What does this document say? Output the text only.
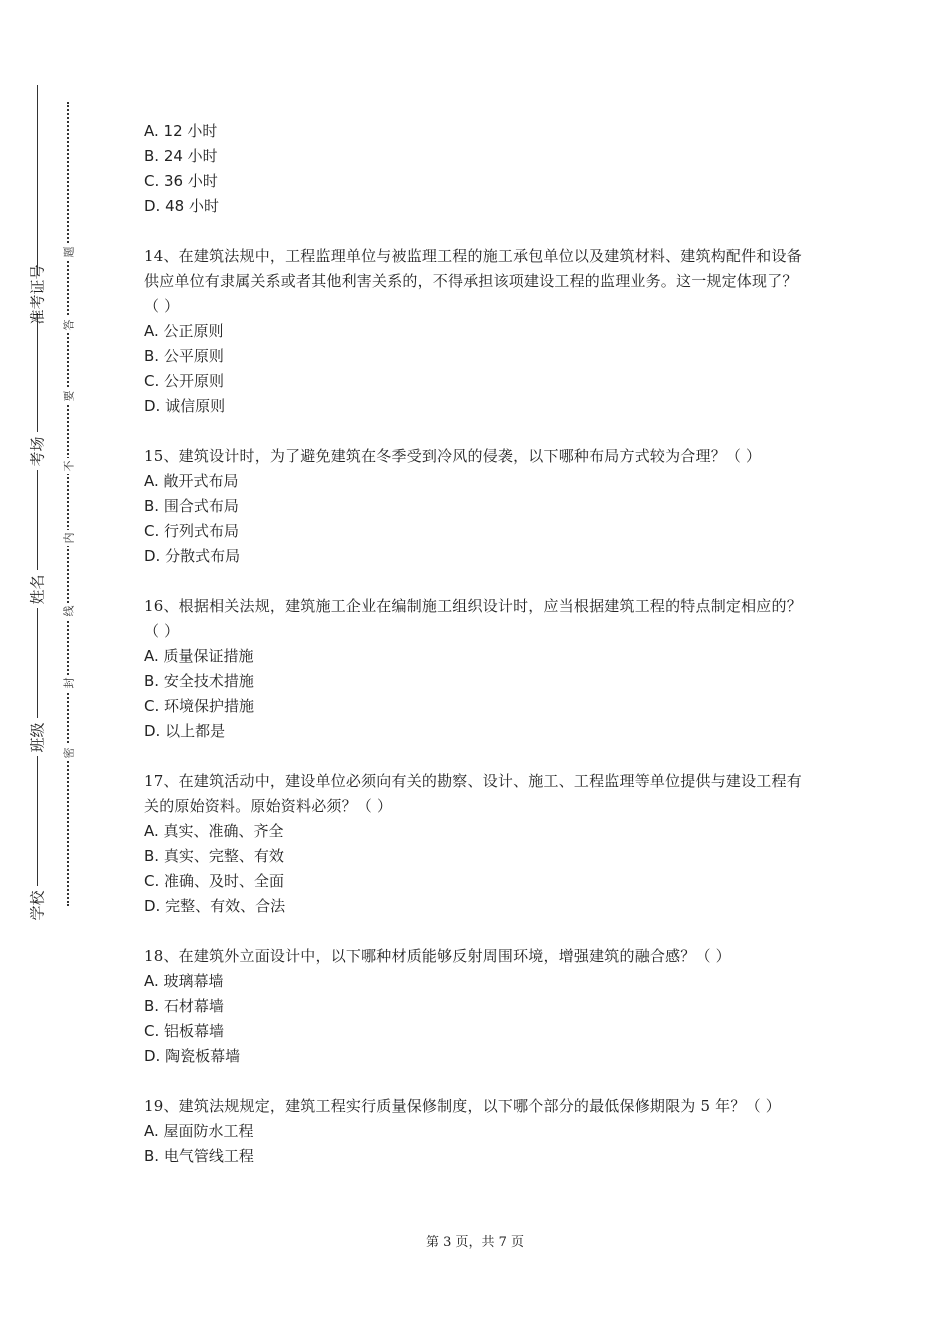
准考证号
考场
姓名
班级
学校
题
答
要
不
内
线
封
密
A. 12 小时
B. 24 小时
C. 36 小时
D. 48 小时
14、在建筑法规中，工程监理单位与被监理工程的施工承包单位以及建筑材料、建筑构配件和设备供应单位有隶属关系或者其他利害关系的，不得承担该项建设工程的监理业务。这一规定体现了？（ ）
A. 公正原则
B. 公平原则
C. 公开原则
D. 诚信原则
15、建筑设计时，为了避免建筑在冬季受到冷风的侵袭，以下哪种布局方式较为合理？（ ）
A. 敞开式布局
B. 围合式布局
C. 行列式布局
D. 分散式布局
16、根据相关法规，建筑施工企业在编制施工组织设计时，应当根据建筑工程的特点制定相应的？（ ）
A. 质量保证措施
B. 安全技术措施
C. 环境保护措施
D. 以上都是
17、在建筑活动中，建设单位必须向有关的勘察、设计、施工、工程监理等单位提供与建设工程有关的原始资料。原始资料必须？（ ）
A. 真实、准确、齐全
B. 真实、完整、有效
C. 准确、及时、全面
D. 完整、有效、合法
18、在建筑外立面设计中，以下哪种材质能够反射周围环境，增强建筑的融合感？（ ）
A. 玻璃幕墙
B. 石材幕墙
C. 铝板幕墙
D. 陶瓷板幕墙
19、建筑法规规定，建筑工程实行质量保修制度，以下哪个部分的最低保修期限为 5 年？（ ）
A. 屋面防水工程
B. 电气管线工程
第 3 页，共 7 页
